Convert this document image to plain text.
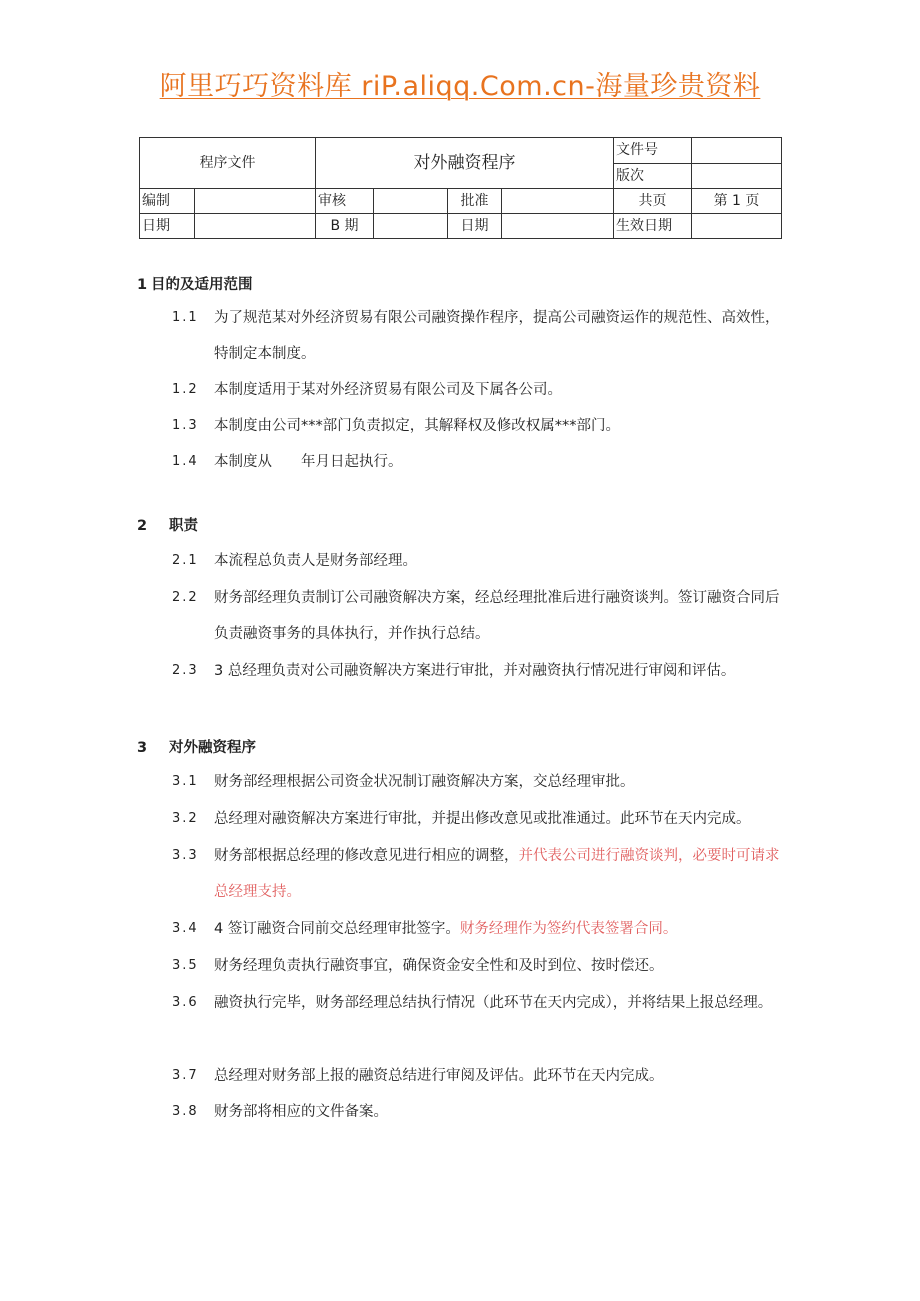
阿里巧巧资料库 riP.aliqq.Com.cn-海量珍贵资料
程序文件		对外融资程序				文件号	
						版次	
编制		审核		批准		共页	第 1 页
日期		B 期		日期		生效日期	
1 目的及适用范围
1.1	为了规范某对外经济贸易有限公司融资操作程序，提高公司融资运作的规范性、高效性，特制定本制度。
1.2	本制度适用于某对外经济贸易有限公司及下属各公司。
1.3	本制度由公司***部门负责拟定，其解释权及修改权属***部门。
1.4	本制度从　　年月日起执行。
2 职责
2.1	本流程总负责人是财务部经理。
2.2	财务部经理负责制订公司融资解决方案，经总经理批准后进行融资谈判。签订融资合同后负责融资事务的具体执行，并作执行总结。
2.3	3 总经理负责对公司融资解决方案进行审批，并对融资执行情况进行审阅和评估。
3 对外融资程序
3.1	财务部经理根据公司资金状况制订融资解决方案，交总经理审批。
3.2	总经理对融资解决方案进行审批，并提出修改意见或批准通过。此环节在天内完成。
3.3	财务部根据总经理的修改意见进行相应的调整，并代表公司进行融资谈判，必要时可请求总经理支持。
3.4	4 签订融资合同前交总经理审批签字。财务经理作为签约代表签署合同。
3.5	财务经理负责执行融资事宜，确保资金安全性和及时到位、按时偿还。
3.6	融资执行完毕，财务部经理总结执行情况（此环节在天内完成），并将结果上报总经理。
3.7	总经理对财务部上报的融资总结进行审阅及评估。此环节在天内完成。
3.8	财务部将相应的文件备案。
